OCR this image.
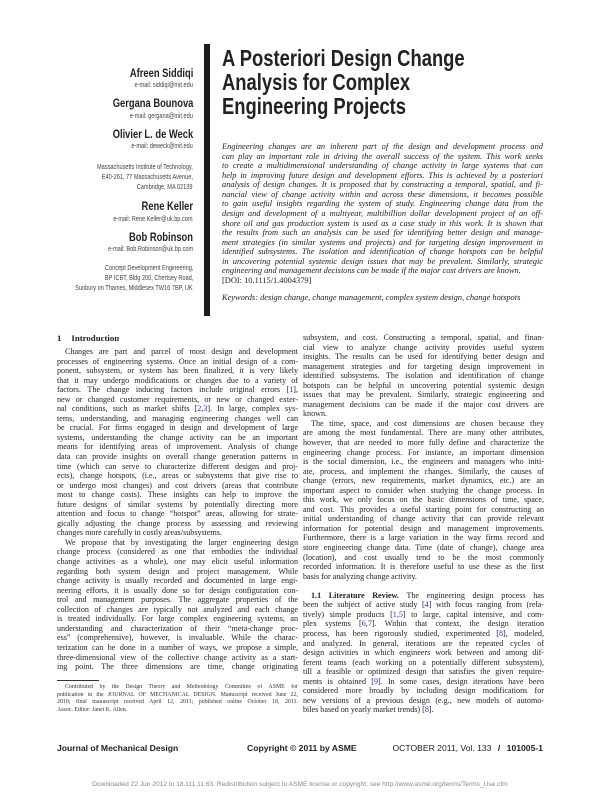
Afreen Siddiqi
e-mail: siddiqi@mit.edu
Gergana Bounova
e-mail: gergana@mit.edu
Olivier L. de Weck
e-mail: deweck@mit.edu
Massachusetts Institute of Technology,
E40-261, 77 Massachusetts Avenue,
Cambridge, MA 02139
Rene Keller
e-mail: Rene.Keller@uk.bp.com
Bob Robinson
e-mail: Bob.Robinson@uk.bp.com
Concept Development Engineering,
BP ICBT, Bldg 200, Chertsey Road,
Sunbury on Thames, Middlesex TW16 7BP, UK
A Posteriori Design Change
Analysis for Complex
Engineering Projects
Engineering changes are an inherent part of the design and development process and
can play an important role in driving the overall success of the system. This work seeks
to create a multidimensional understanding of change activity in large systems that can
help in improving future design and development efforts. This is achieved by a posteriori
analysis of design changes. It is proposed that by constructing a temporal, spatial, and fi-
nancial view of change activity within and across these dimensions, it becomes possible
to gain useful insights regarding the system of study. Engineering change data from the
design and development of a multiyear, multibillion dollar development project of an off-
shore oil and gas production system is used as a case study in this work. It is shown that
the results from such an analysis can be used for identifying better design and manage-
ment strategies (in similar systems and projects) and for targeting design improvement in
identified subsystems. The isolation and identification of change hotspots can be helpful
in uncovering potential systemic design issues that may be prevalent. Similarly, strategic
engineering and management decisions can be made if the major cost drivers are known.
[DOI: 10.1115/1.4004379]
Keywords: design change, change management, complex system design, change hotspots
1 Introduction
Changes are part and parcel of most design and development
processes of engineering systems. Once an initial design of a com-
ponent, subsystem, or system has been finalized, it is very likely
that it may undergo modifications or changes due to a variety of
factors. The change inducing factors include original errors [1],
new or changed customer requirements, or new or changed exter-
nal conditions, such as market shifts [2,3]. In large, complex sys-
tems, understanding, and managing engineering changes well can
be crucial. For firms engaged in design and development of large
systems, understanding the change activity can be an important
means for identifying areas of improvement. Analysis of change
data can provide insights on overall change generation patterns in
time (which can serve to characterize different designs and proj-
ects), change hotspots, (i.e., areas or subsystems that give rise to
or undergo most changes) and cost drivers (areas that contribute
most to change costs). These insights can help to improve the
future designs of similar systems by potentially directing more
attention and focus to change “hotspot” areas, allowing for strate-
gically adjusting the change process by assessing and reviewing
changes more carefully in costly areas/subsystems.
We propose that by investigating the larger engineering design
change process (considered as one that embodies the individual
change activities as a whole), one may elicit useful information
regarding both system design and project management. While
change activity is usually recorded and documented in large engi-
neering efforts, it is usually done so for design configuration con-
trol and management purposes. The aggregate properties of the
collection of changes are typically not analyzed and each change
is treated individually. For large complex engineering systems, an
understanding and characterization of their “meta-change proc-
ess” (comprehensive), however, is invaluable. While the charac-
terization can be done in a number of ways, we propose a simple,
three-dimensional view of the collective change activity as a start-
ing point. The three dimensions are time, change originating
subsystem, and cost. Constructing a temporal, spatial, and finan-
cial view to analyze change activity provides useful system
insights. The results can be used for identifying better design and
management strategies and for targeting design improvement in
identified subsystems. The isolation and identification of change
hotspots can be helpful in uncovering potential systemic design
issues that may be prevalent. Similarly, strategic engineering and
management decisions can be made if the major cost drivers are
known.
The time, space, and cost dimensions are chosen because they
are among the most fundamental. There are many other attributes,
however, that are needed to more fully define and characterize the
engineering change process. For instance, an important dimension
is the social dimension, i.e., the engineers and managers who initi-
ate, process, and implement the changes. Similarly, the causes of
change (errors, new requirements, market dynamics, etc.) are an
important aspect to consider when studying the change process. In
this work, we only focus on the basic dimensions of time, space,
and cost. This provides a useful starting point for constructing an
initial understanding of change activity that can provide relevant
information for potential design and management improvements.
Furthermore, there is a large variation in the way firms record and
store engineering change data. Time (date of change), change area
(location), and cost usually tend to be the most commonly
recorded information. It is therefore useful to use these as the first
basis for analyzing change activity.
1.1 Literature Review. The engineering design process has
been the subject of active study [4] with focus ranging from (rela-
tively) simple products [1,5] to large, capital intensive, and com-
plex systems [6,7]. Within that context, the design iteration
process, has been rigorously studied, experimented [8], modeled,
and analyzed. In general, iterations are the repeated cycles of
design activities in which engineers work between and among dif-
ferent teams (each working on a potentially different subsystem),
till a feasible or optimized design that satisfies the given require-
ments is obtained [9]. In some cases, design iterations have been
considered more broadly by including design modifications for
new versions of a previous design (e.g., new models of automo-
biles based on yearly market trends) [8].
Contributed by the Design Theory and Methodology Committee of ASME for
publication in the JOURNAL OF MECHANICAL DESIGN. Manuscript received June 22,
2010; final manuscript received April 12, 2011; published online October 18, 2011.
Assoc. Editor: Janet K. Allen.
Journal of Mechanical Design	Copyright © 2011 by ASME	OCTOBER 2011, Vol. 133 / 101005-1
Downloaded 22 Jun 2012 to 18.111.11.63. Redistribution subject to ASME license or copyright; see http://www.asme.org/terms/Terms_Use.cfm
